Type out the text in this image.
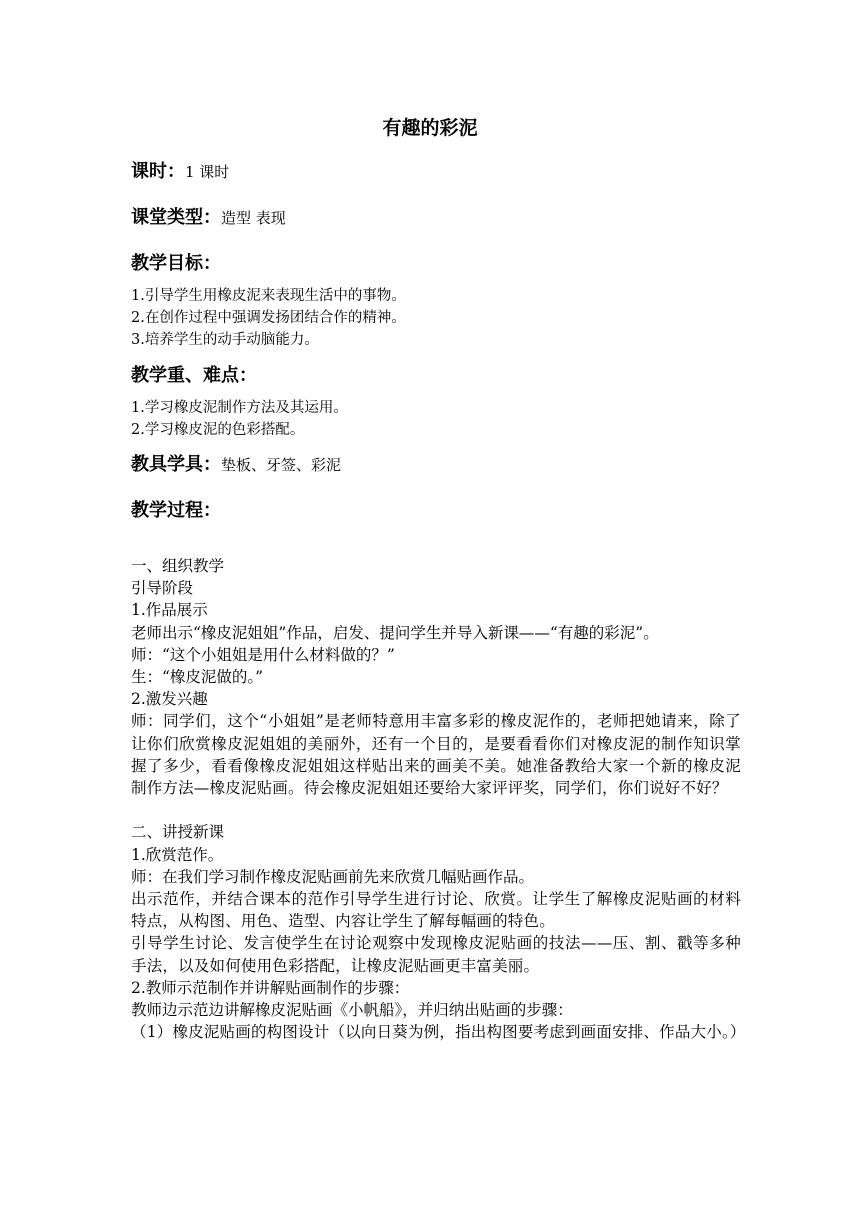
有趣的彩泥
课时：1 课时
课堂类型：造型 表现
教学目标：
1.引导学生用橡皮泥来表现生活中的事物。
2.在创作过程中强调发扬团结合作的精神。
3.培养学生的动手动脑能力。
教学重、难点：
1.学习橡皮泥制作方法及其运用。
2.学习橡皮泥的色彩搭配。
教具学具：垫板、牙签、彩泥
教学过程：
一、组织教学
引导阶段
1.作品展示
老师出示“橡皮泥姐姐”作品，启发、提问学生并导入新课——“有趣的彩泥”。
师：“这个小姐姐是用什么材料做的？”
生：“橡皮泥做的。”
2.激发兴趣
师：同学们，这个“小姐姐”是老师特意用丰富多彩的橡皮泥作的，老师把她请来，除了让你们欣赏橡皮泥姐姐的美丽外，还有一个目的，是要看看你们对橡皮泥的制作知识掌握了多少，看看像橡皮泥姐姐这样贴出来的画美不美。她准备教给大家一个新的橡皮泥制作方法—橡皮泥贴画。待会橡皮泥姐姐还要给大家评评奖，同学们，你们说好不好？
二、讲授新课
1.欣赏范作。
师：在我们学习制作橡皮泥贴画前先来欣赏几幅贴画作品。
出示范作，并结合课本的范作引导学生进行讨论、欣赏。让学生了解橡皮泥贴画的材料特点，从构图、用色、造型、内容让学生了解每幅画的特色。
引导学生讨论、发言使学生在讨论观察中发现橡皮泥贴画的技法——压、割、戳等多种手法，以及如何使用色彩搭配，让橡皮泥贴画更丰富美丽。
2.教师示范制作并讲解贴画制作的步骤：
教师边示范边讲解橡皮泥贴画《小帆船》，并归纳出贴画的步骤：
（1）橡皮泥贴画的构图设计（以向日葵为例，指出构图要考虑到画面安排、作品大小。）
